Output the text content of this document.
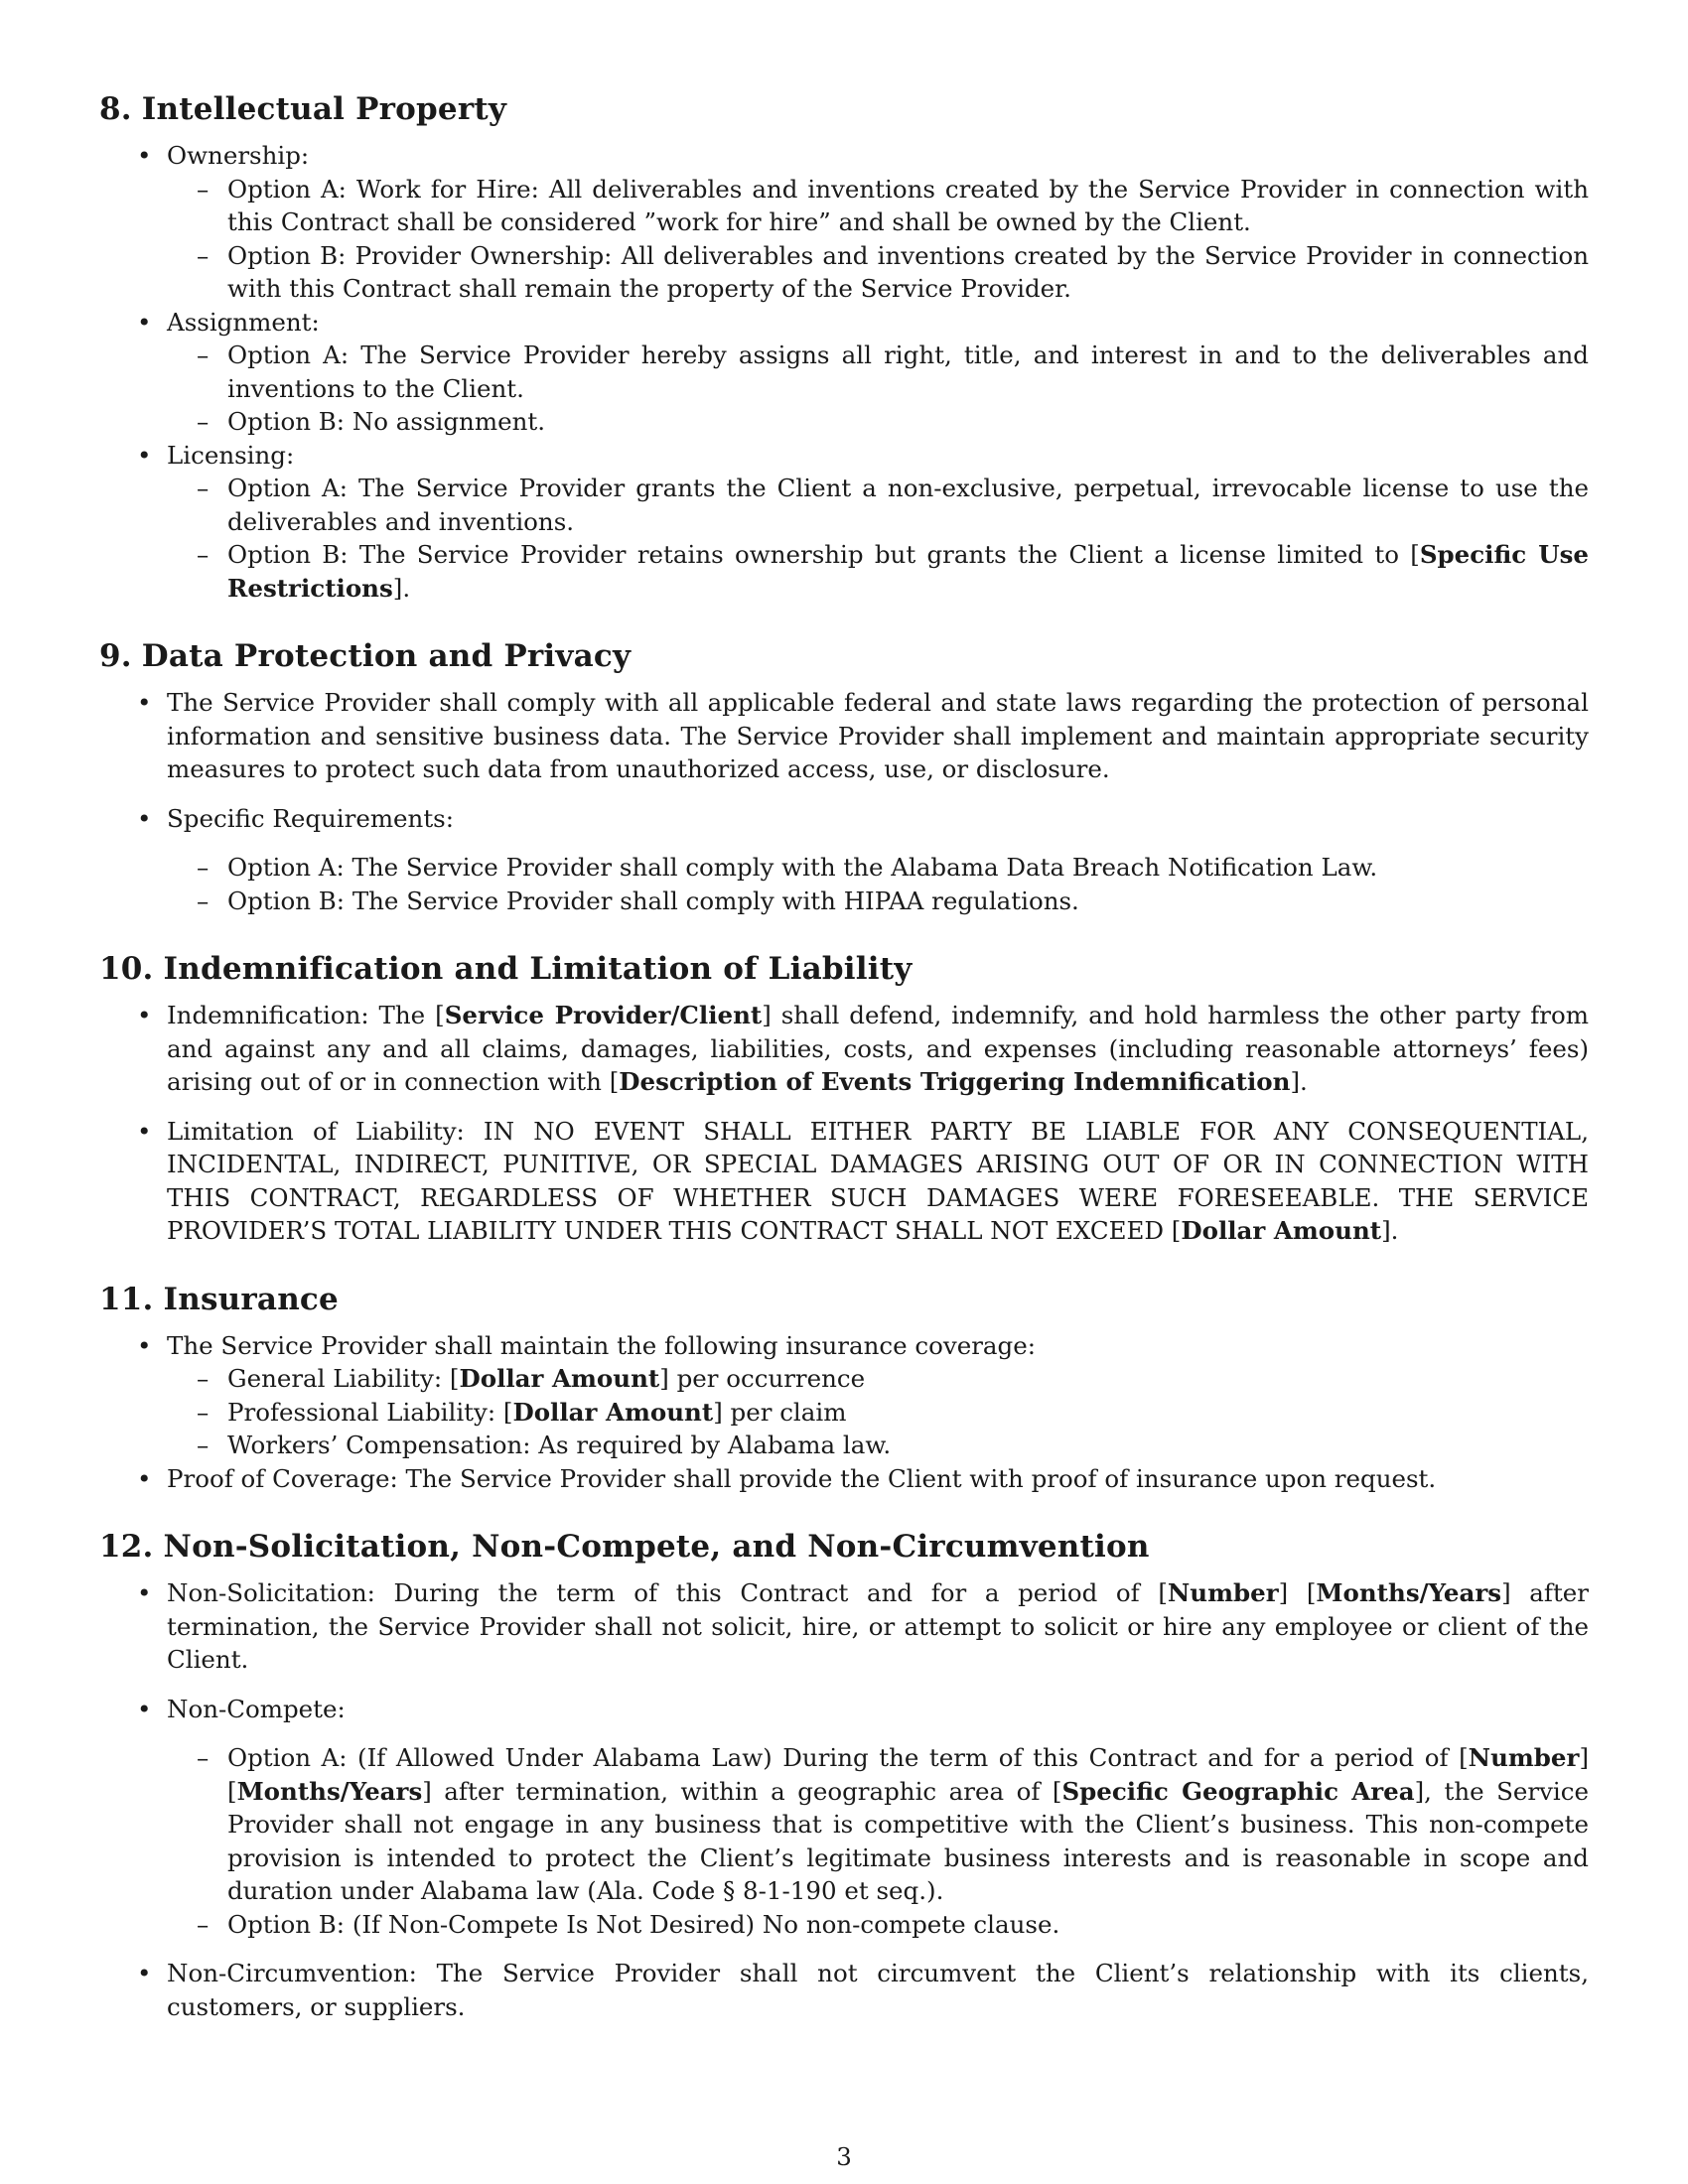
8. Intellectual Property
• Ownership:
– Option A: Work for Hire: All deliverables and inventions created by the Service Provider in connection with this Contract shall be considered ”work for hire” and shall be owned by the Client.
– Option B: Provider Ownership: All deliverables and inventions created by the Service Provider in connection with this Contract shall remain the property of the Service Provider.
• Assignment:
– Option A: The Service Provider hereby assigns all right, title, and interest in and to the deliverables and inventions to the Client.
– Option B: No assignment.
• Licensing:
– Option A: The Service Provider grants the Client a non-exclusive, perpetual, irrevocable license to use the deliverables and inventions.
– Option B: The Service Provider retains ownership but grants the Client a license limited to [Specific Use Restrictions].
9. Data Protection and Privacy
• The Service Provider shall comply with all applicable federal and state laws regarding the protection of personal information and sensitive business data. The Service Provider shall implement and maintain appropriate security measures to protect such data from unauthorized access, use, or disclosure.
• Specific Requirements:
– Option A: The Service Provider shall comply with the Alabama Data Breach Notification Law.
– Option B: The Service Provider shall comply with HIPAA regulations.
10. Indemnification and Limitation of Liability
• Indemnification: The [Service Provider/Client] shall defend, indemnify, and hold harmless the other party from and against any and all claims, damages, liabilities, costs, and expenses (including reasonable attorneys’ fees) arising out of or in connection with [Description of Events Triggering Indemnification].
• Limitation of Liability: IN NO EVENT SHALL EITHER PARTY BE LIABLE FOR ANY CONSEQUENTIAL, INCIDENTAL, INDIRECT, PUNITIVE, OR SPECIAL DAMAGES ARISING OUT OF OR IN CONNECTION WITH THIS CONTRACT, REGARDLESS OF WHETHER SUCH DAMAGES WERE FORESEEABLE. THE SERVICE PROVIDER’S TOTAL LIABILITY UNDER THIS CONTRACT SHALL NOT EXCEED [Dollar Amount].
11. Insurance
• The Service Provider shall maintain the following insurance coverage:
– General Liability: [Dollar Amount] per occurrence
– Professional Liability: [Dollar Amount] per claim
– Workers’ Compensation: As required by Alabama law.
• Proof of Coverage: The Service Provider shall provide the Client with proof of insurance upon request.
12. Non-Solicitation, Non-Compete, and Non-Circumvention
• Non-Solicitation: During the term of this Contract and for a period of [Number] [Months/Years] after termination, the Service Provider shall not solicit, hire, or attempt to solicit or hire any employee or client of the Client.
• Non-Compete:
– Option A: (If Allowed Under Alabama Law) During the term of this Contract and for a period of [Number] [Months/Years] after termination, within a geographic area of [Specific Geographic Area], the Service Provider shall not engage in any business that is competitive with the Client’s business. This non-compete provision is intended to protect the Client’s legitimate business interests and is reasonable in scope and duration under Alabama law (Ala. Code § 8-1-190 et seq.).
– Option B: (If Non-Compete Is Not Desired) No non-compete clause.
• Non-Circumvention: The Service Provider shall not circumvent the Client’s relationship with its clients, customers, or suppliers.
3
